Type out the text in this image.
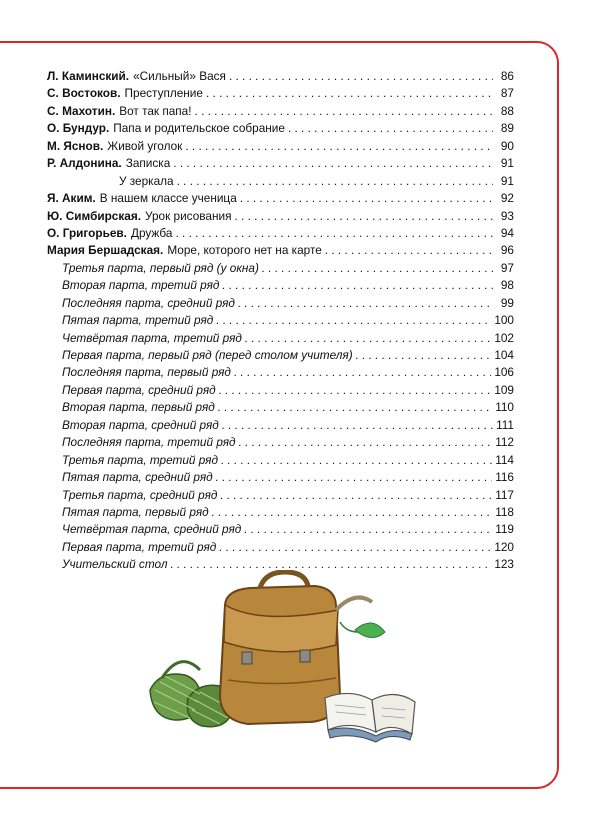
Л. Каминский. «Сильный» Вася . . .	86
С. Востоков. Преступление . . .	87
С. Махотин. Вот так папа! . . .	88
О. Бундур. Папа и родительское собрание . . .	89
М. Яснов. Живой уголок . . .	90
Р. Алдонина. Записка . . .	91
У зеркала . . .	91
Я. Аким. В нашем классе ученица . . .	92
Ю. Симбирская. Урок рисования . . .	93
О. Григорьев. Дружба . . .	94
Мария Бершадская. Море, которого нет на карте . . .	96
Третья парта, первый ряд (у окна) . . .	97
Вторая парта, третий ряд . . .	98
Последняя парта, средний ряд . . .	99
Пятая парта, третий ряд . . .	100
Четвёртая парта, третий ряд . . .	102
Первая парта, первый ряд (перед столом учителя) . . .	104
Последняя парта, первый ряд . . .	106
Первая парта, средний ряд . . .	109
Вторая парта, первый ряд . . .	110
Вторая парта, средний ряд . . .	111
Последняя парта, третий ряд . . .	112
Третья парта, третий ряд . . .	114
Пятая парта, средний ряд . . .	116
Третья парта, средний ряд . . .	117
Пятая парта, первый ряд . . .	118
Четвёртая парта, средний ряд . . .	119
Первая парта, третий ряд . . .	120
Учительский стол . . .	123
